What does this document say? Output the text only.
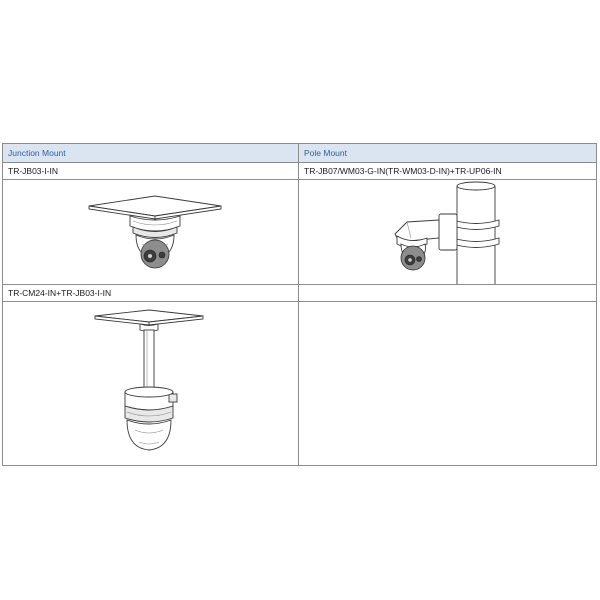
Junction Mount	Pole Mount
TR-JB03-I-IN	TR-JB07/WM03-G-IN(TR-WM03-D-IN)+TR-UP06-IN

TR-CM24-IN+TR-JB03-I-IN	
